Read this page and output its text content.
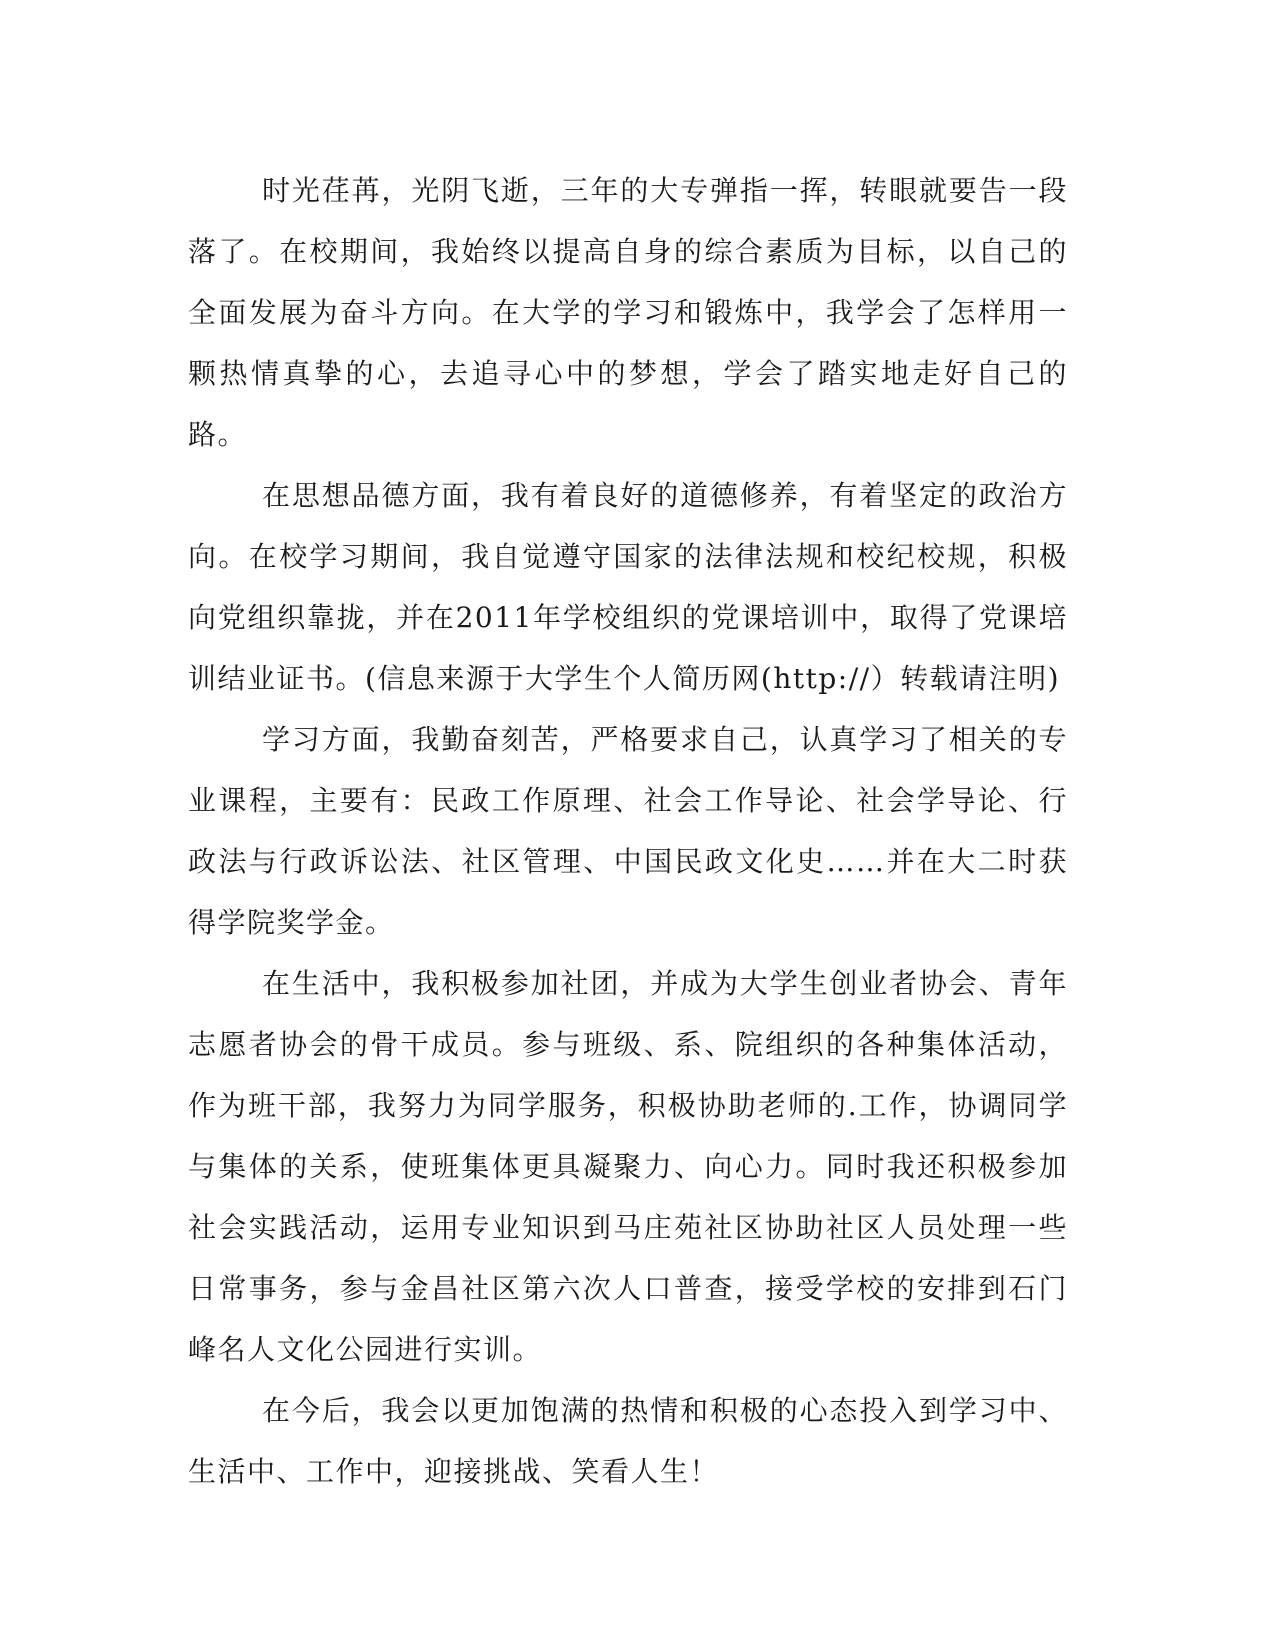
时光荏苒，光阴飞逝，三年的大专弹指一挥，转眼就要告一段落了。在校期间，我始终以提高自身的综合素质为目标，以自己的全面发展为奋斗方向。在大学的学习和锻炼中，我学会了怎样用一颗热情真挚的心，去追寻心中的梦想，学会了踏实地走好自己的路。

在思想品德方面，我有着良好的道德修养，有着坚定的政治方向。在校学习期间，我自觉遵守国家的法律法规和校纪校规，积极向党组织靠拢，并在2011年学校组织的党课培训中，取得了党课培训结业证书。(信息来源于大学生个人简历网(http://）转载请注明)

学习方面，我勤奋刻苦，严格要求自己，认真学习了相关的专业课程，主要有：民政工作原理、社会工作导论、社会学导论、行政法与行政诉讼法、社区管理、中国民政文化史……并在大二时获得学院奖学金。

在生活中，我积极参加社团，并成为大学生创业者协会、青年志愿者协会的骨干成员。参与班级、系、院组织的各种集体活动，作为班干部，我努力为同学服务，积极协助老师的.工作，协调同学与集体的关系，使班集体更具凝聚力、向心力。同时我还积极参加社会实践活动，运用专业知识到马庄苑社区协助社区人员处理一些日常事务，参与金昌社区第六次人口普查，接受学校的安排到石门峰名人文化公园进行实训。

在今后，我会以更加饱满的热情和积极的心态投入到学习中、生活中、工作中，迎接挑战、笑看人生！
